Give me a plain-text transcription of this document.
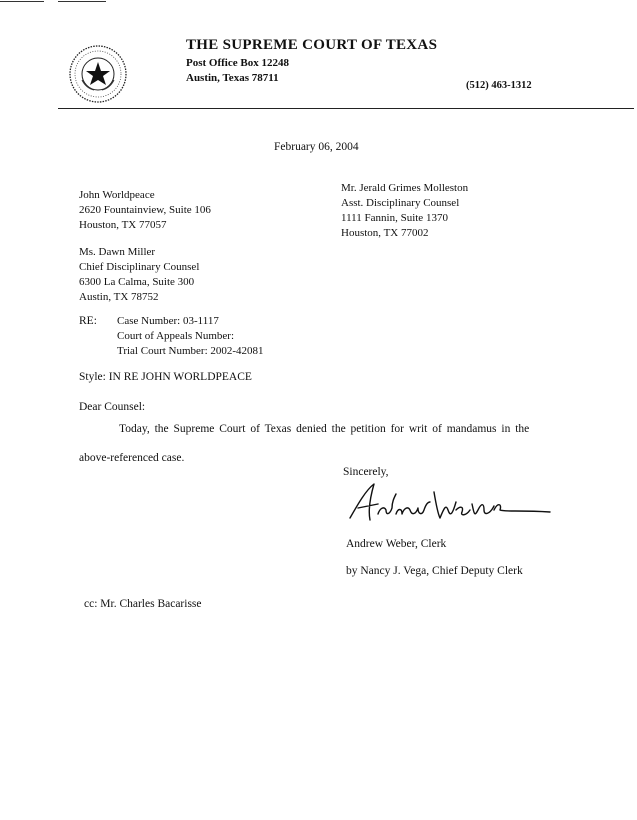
THE SUPREME COURT OF TEXAS
Post Office Box 12248
Austin, Texas 78711
(512) 463-1312
February 06, 2004
John Worldpeace
2620 Fountainview, Suite 106
Houston, TX 77057
Ms. Dawn Miller
Chief Disciplinary Counsel
6300 La Calma, Suite 300
Austin, TX 78752
Mr. Jerald Grimes Molleston
Asst. Disciplinary Counsel
1111 Fannin, Suite 1370
Houston, TX 77002
RE: Case Number: 03-1117
Court of Appeals Number:
Trial Court Number: 2002-42081
Style: IN RE JOHN WORLDPEACE
Dear Counsel:
Today, the Supreme Court of Texas denied the petition for writ of mandamus in the
above-referenced case.
Sincerely,
Andrew Weber, Clerk
by Nancy J. Vega, Chief Deputy Clerk
cc: Mr. Charles Bacarisse
